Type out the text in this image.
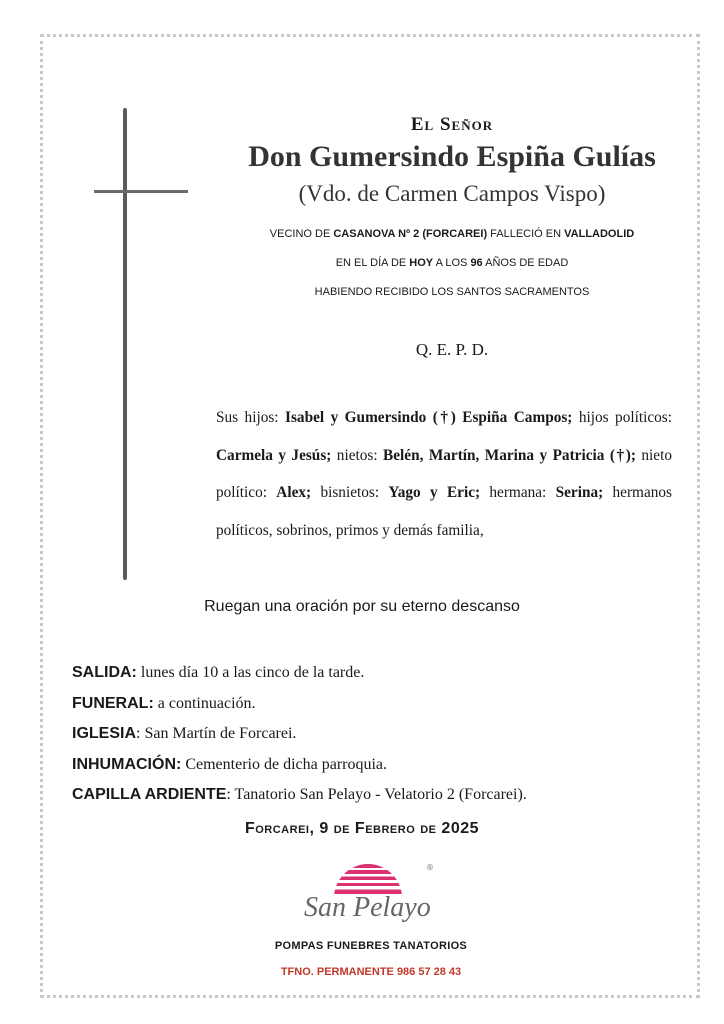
El Señor
Don Gumersindo Espiña Gulías
(Vdo. de Carmen Campos Vispo)
VECINO DE CASANOVA Nº 2 (FORCAREI) FALLECIÓ EN VALLADOLID
EN EL DÍA DE HOY A LOS 96 AÑOS DE EDAD
HABIENDO RECIBIDO LOS SANTOS SACRAMENTOS
Q. E. P. D.
Sus hijos: Isabel y Gumersindo (†) Espiña Campos; hijos políticos: Carmela y Jesús; nietos: Belén, Martín, Marina y Patricia (†); nieto político: Alex; bisnietos: Yago y Eric; hermana: Serina; hermanos políticos, sobrinos, primos y demás familia,
Ruegan una oración por su eterno descanso
SALIDA: lunes día 10 a las cinco de la tarde.
FUNERAL: a continuación.
IGLESIA: San Martín de Forcarei.
INHUMACIÓN: Cementerio de dicha parroquia.
CAPILLA ARDIENTE: Tanatorio San Pelayo - Velatorio 2 (Forcarei).
Forcarei, 9 de Febrero de 2025
®
San Pelayo
POMPAS FUNEBRES TANATORIOS
TFNO. PERMANENTE 986 57 28 43
